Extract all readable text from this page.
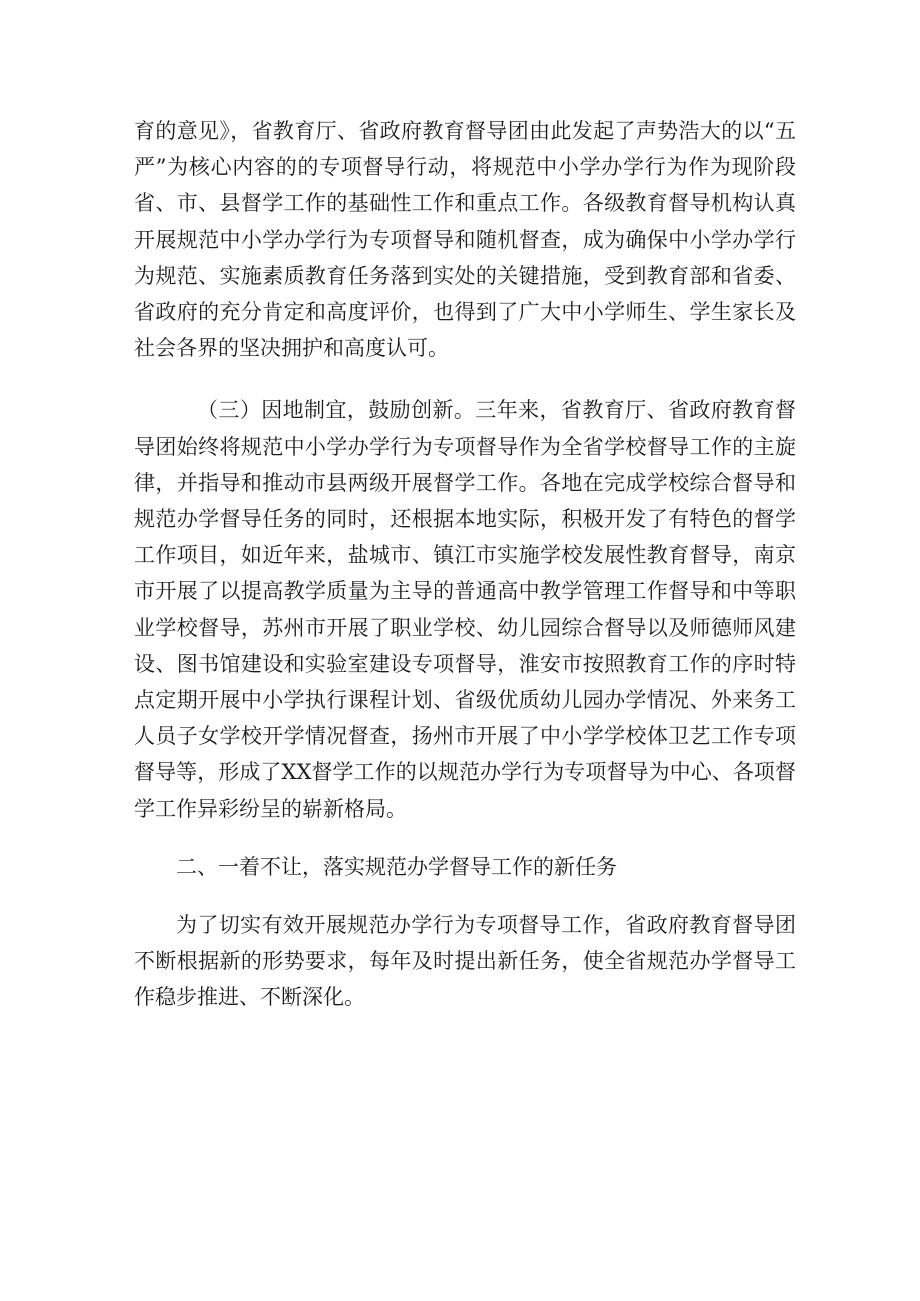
育的意见》，省教育厅、省政府教育督导团由此发起了声势浩大的以“五严”为核心内容的的专项督导行动，将规范中小学办学行为作为现阶段省、市、县督学工作的基础性工作和重点工作。各级教育督导机构认真开展规范中小学办学行为专项督导和随机督查，成为确保中小学办学行为规范、实施素质教育任务落到实处的关键措施，受到教育部和省委、省政府的充分肯定和高度评价，也得到了广大中小学师生、学生家长及社会各界的坚决拥护和高度认可。

（三）因地制宜，鼓励创新。三年来，省教育厅、省政府教育督导团始终将规范中小学办学行为专项督导作为全省学校督导工作的主旋律，并指导和推动市县两级开展督学工作。各地在完成学校综合督导和规范办学督导任务的同时，还根据本地实际，积极开发了有特色的督学工作项目，如近年来，盐城市、镇江市实施学校发展性教育督导，南京市开展了以提高教学质量为主导的普通高中教学管理工作督导和中等职业学校督导，苏州市开展了职业学校、幼儿园综合督导以及师德师风建设、图书馆建设和实验室建设专项督导，淮安市按照教育工作的序时特点定期开展中小学执行课程计划、省级优质幼儿园办学情况、外来务工人员子女学校开学情况督查，扬州市开展了中小学学校体卫艺工作专项督导等，形成了XX督学工作的以规范办学行为专项督导为中心、各项督学工作异彩纷呈的崭新格局。

二、一着不让，落实规范办学督导工作的新任务

为了切实有效开展规范办学行为专项督导工作，省政府教育督导团不断根据新的形势要求，每年及时提出新任务，使全省规范办学督导工作稳步推进、不断深化。
